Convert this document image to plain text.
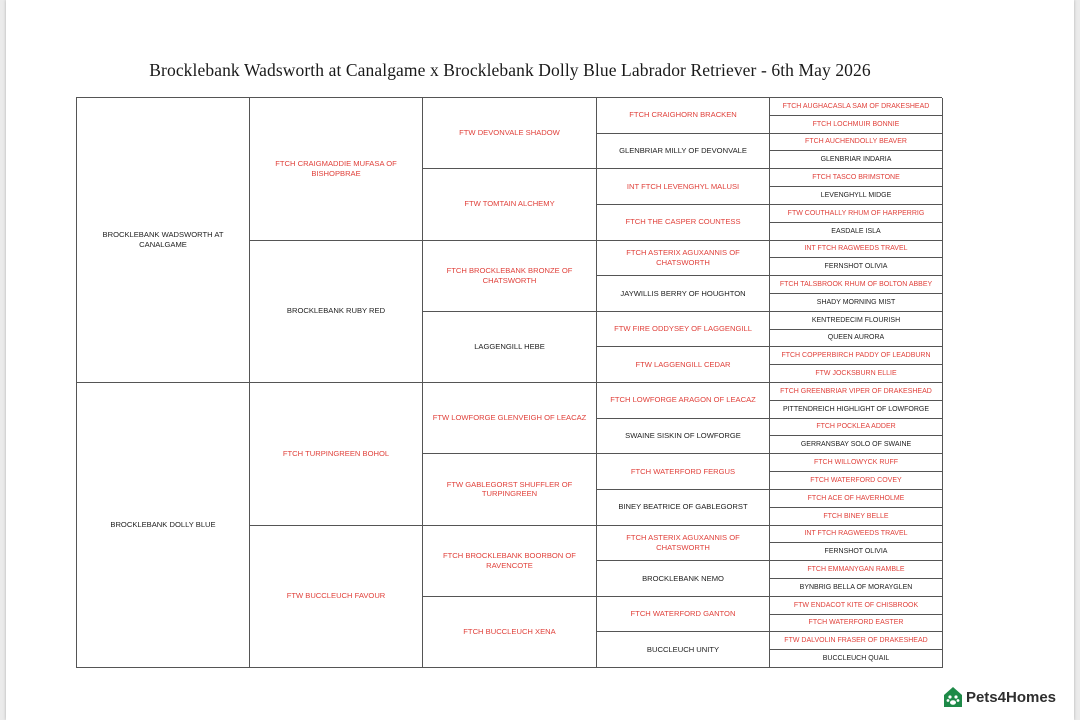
Brocklebank Wadsworth at Canalgame x Brocklebank Dolly Blue Labrador Retriever - 6th May 2026
BROCKLEBANK WADSWORTH AT CANALGAME
BROCKLEBANK DOLLY BLUE
FTCH CRAIGMADDIE MUFASA OF BISHOPBRAE
BROCKLEBANK RUBY RED
FTCH TURPINGREEN BOHOL
FTW BUCCLEUCH FAVOUR
FTW DEVONVALE SHADOW
FTW TOMTAIN ALCHEMY
FTCH BROCKLEBANK BRONZE OF CHATSWORTH
LAGGENGILL HEBE
FTW LOWFORGE GLENVEIGH OF LEACAZ
FTW GABLEGORST SHUFFLER OF TURPINGREEN
FTCH BROCKLEBANK BOORBON OF RAVENCOTE
FTCH BUCCLEUCH XENA
FTCH CRAIGHORN BRACKEN
GLENBRIAR MILLY OF DEVONVALE
INT FTCH LEVENGHYL MALUSI
FTCH THE CASPER COUNTESS
FTCH ASTERIX AGUXANNIS OF CHATSWORTH
JAYWILLIS BERRY OF HOUGHTON
FTW FIRE ODDYSEY OF LAGGENGILL
FTW LAGGENGILL CEDAR
FTCH LOWFORGE ARAGON OF LEACAZ
SWAINE SISKIN OF LOWFORGE
FTCH WATERFORD FERGUS
BINEY BEATRICE OF GABLEGORST
FTCH ASTERIX AGUXANNIS OF CHATSWORTH
BROCKLEBANK NEMO
FTCH WATERFORD GANTON
BUCCLEUCH UNITY
FTCH AUGHACASLA SAM OF DRAKESHEAD
FTCH LOCHMUIR BONNIE
FTCH AUCHENDOLLY BEAVER
GLENBRIAR INDARIA
FTCH TASCO BRIMSTONE
LEVENGHYLL MIDGE
FTW COUTHALLY RHUM OF HARPERRIG
EASDALE ISLA
INT FTCH RAGWEEDS TRAVEL
FERNSHOT OLIVIA
FTCH TALSBROOK RHUM OF BOLTON ABBEY
SHADY MORNING MIST
KENTREDECIM FLOURISH
QUEEN AURORA
FTCH COPPERBIRCH PADDY OF LEADBURN
FTW JOCKSBURN ELLIE
FTCH GREENBRIAR VIPER OF DRAKESHEAD
PITTENDREICH HIGHLIGHT OF LOWFORGE
FTCH POCKLEA ADDER
GERRANSBAY SOLO OF SWAINE
FTCH WILLOWYCK RUFF
FTCH WATERFORD COVEY
FTCH ACE OF HAVERHOLME
FTCH BINEY BELLE
INT FTCH RAGWEEDS TRAVEL
FERNSHOT OLIVIA
FTCH EMMANYGAN RAMBLE
BYNBRIG BELLA OF MORAYGLEN
FTW ENDACOT KITE OF CHISBROOK
FTCH WATERFORD EASTER
FTW DALVOLIN FRASER OF DRAKESHEAD
BUCCLEUCH QUAIL
Pets4Homes
